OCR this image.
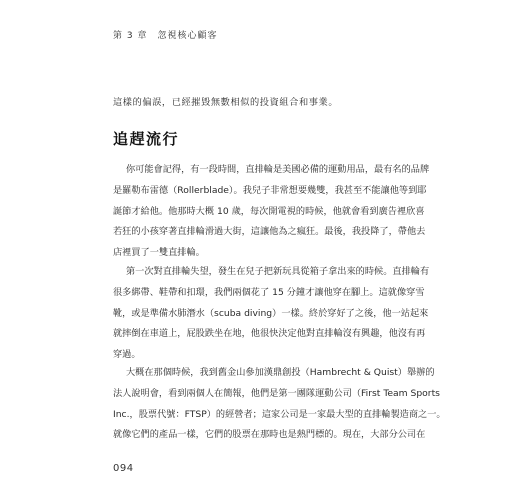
第 3 章　忽視核心顧客
這樣的偏誤，已經摧毀無數相似的投資組合和事業。
追趕流行
你可能會記得，有一段時間，直排輪是美國必備的運動用品，最有名的品牌
是羅勒布雷德（Rollerblade）。我兒子非常想要幾雙，我甚至不能讓他等到耶
誕節才給他。他那時大概 10 歲，每次開電視的時候，他就會看到廣告裡欣喜
若狂的小孩穿著直排輪滑過大街，這讓他為之瘋狂。最後，我投降了，帶他去
店裡買了一雙直排輪。
第一次對直排輪失望，發生在兒子把新玩具從箱子拿出來的時候。直排輪有
很多綁帶、鞋帶和扣環，我們兩個花了 15 分鐘才讓他穿在腳上。這就像穿雪
靴，或是準備水肺潛水（scuba diving）一樣。終於穿好了之後，他一站起來
就摔倒在車道上，屁股跌坐在地，他很快決定他對直排輪沒有興趣，他沒有再
穿過。
大概在那個時候，我到舊金山參加漢鼎創投（Hambrecht & Quist）舉辦的
法人說明會，看到兩個人在簡報，他們是第一團隊運動公司（First Team Sports
Inc.，股票代號：FTSP）的經營者；這家公司是一家最大型的直排輪製造商之一。
就像它們的產品一樣，它們的股票在那時也是熱門標的。現在，大部分公司在
094
